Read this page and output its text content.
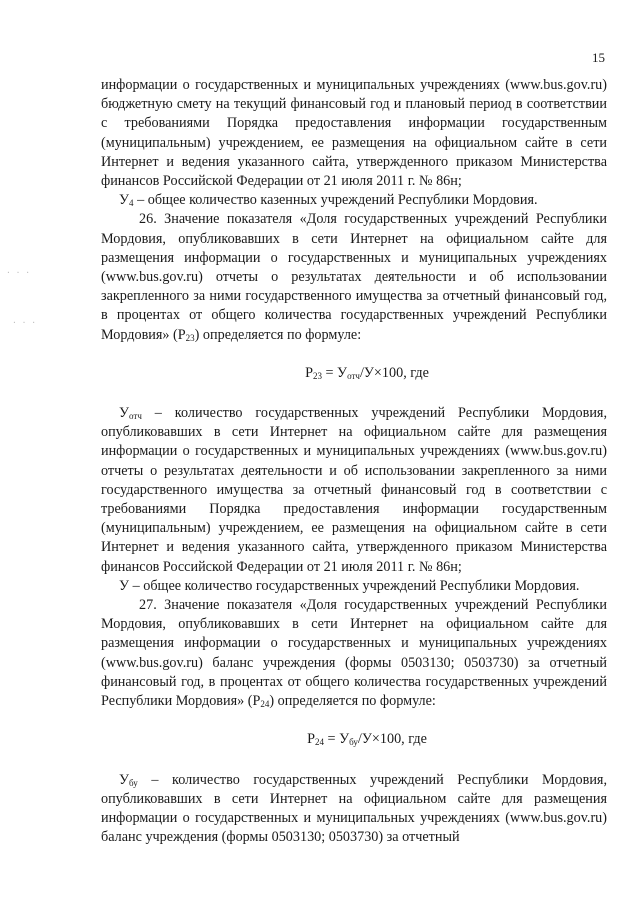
15
· · ·
· · ·

информации о государственных и муниципальных учреждениях (www.bus.gov.ru) бюджетную смету на текущий финансовый год и плановый период в соответствии с требованиями Порядка предоставления информации государственным (муниципальным) учреждением, ее размещения на официальном сайте в сети Интернет и ведения указанного сайта, утвержденного приказом Министерства финансов Российской Федерации от 21 июля 2011 г. № 86н;

$У_4$ – общее количество казенных учреждений Республики Мордовия.

26. Значение показателя «Доля государственных учреждений Республики Мордовия, опубликовавших в сети Интернет на официальном сайте для размещения информации о государственных и муниципальных учреждениях (www.bus.gov.ru) отчеты о результатах деятельности и об использовании закрепленного за ними государственного имущества за отчетный финансовый год, в процентах от общего количества государственных учреждений Республики Мордовия» $(Р_{23})$ определяется по формуле:

$Р_{23} = У_{отч}/У\times 100$, где

$У_{отч}$ – количество государственных учреждений Республики Мордовия, опубликовавших в сети Интернет на официальном сайте для размещения информации о государственных и муниципальных учреждениях (www.bus.gov.ru) отчеты о результатах деятельности и об использовании закрепленного за ними государственного имущества за отчетный финансовый год в соответствии с требованиями Порядка предоставления информации государственным (муниципальным) учреждением, ее размещения на официальном сайте в сети Интернет и ведения указанного сайта, утвержденного приказом Министерства финансов Российской Федерации от 21 июля 2011 г. № 86н;

У – общее количество государственных учреждений Республики Мордовия.

27. Значение показателя «Доля государственных учреждений Республики Мордовия, опубликовавших в сети Интернет на официальном сайте для размещения информации о государственных и муниципальных учреждениях (www.bus.gov.ru) баланс учреждения (формы 0503130; 0503730) за отчетный финансовый год, в процентах от общего количества государственных учреждений Республики Мордовия» $(Р_{24})$ определяется по формуле:

$Р_{24} = У_{бу}/У\times 100$, где

$У_{бу}$ – количество государственных учреждений Республики Мордовия, опубликовавших в сети Интернет на официальном сайте для размещения информации о государственных и муниципальных учреждениях (www.bus.gov.ru) баланс учреждения (формы 0503130; 0503730) за отчетный
